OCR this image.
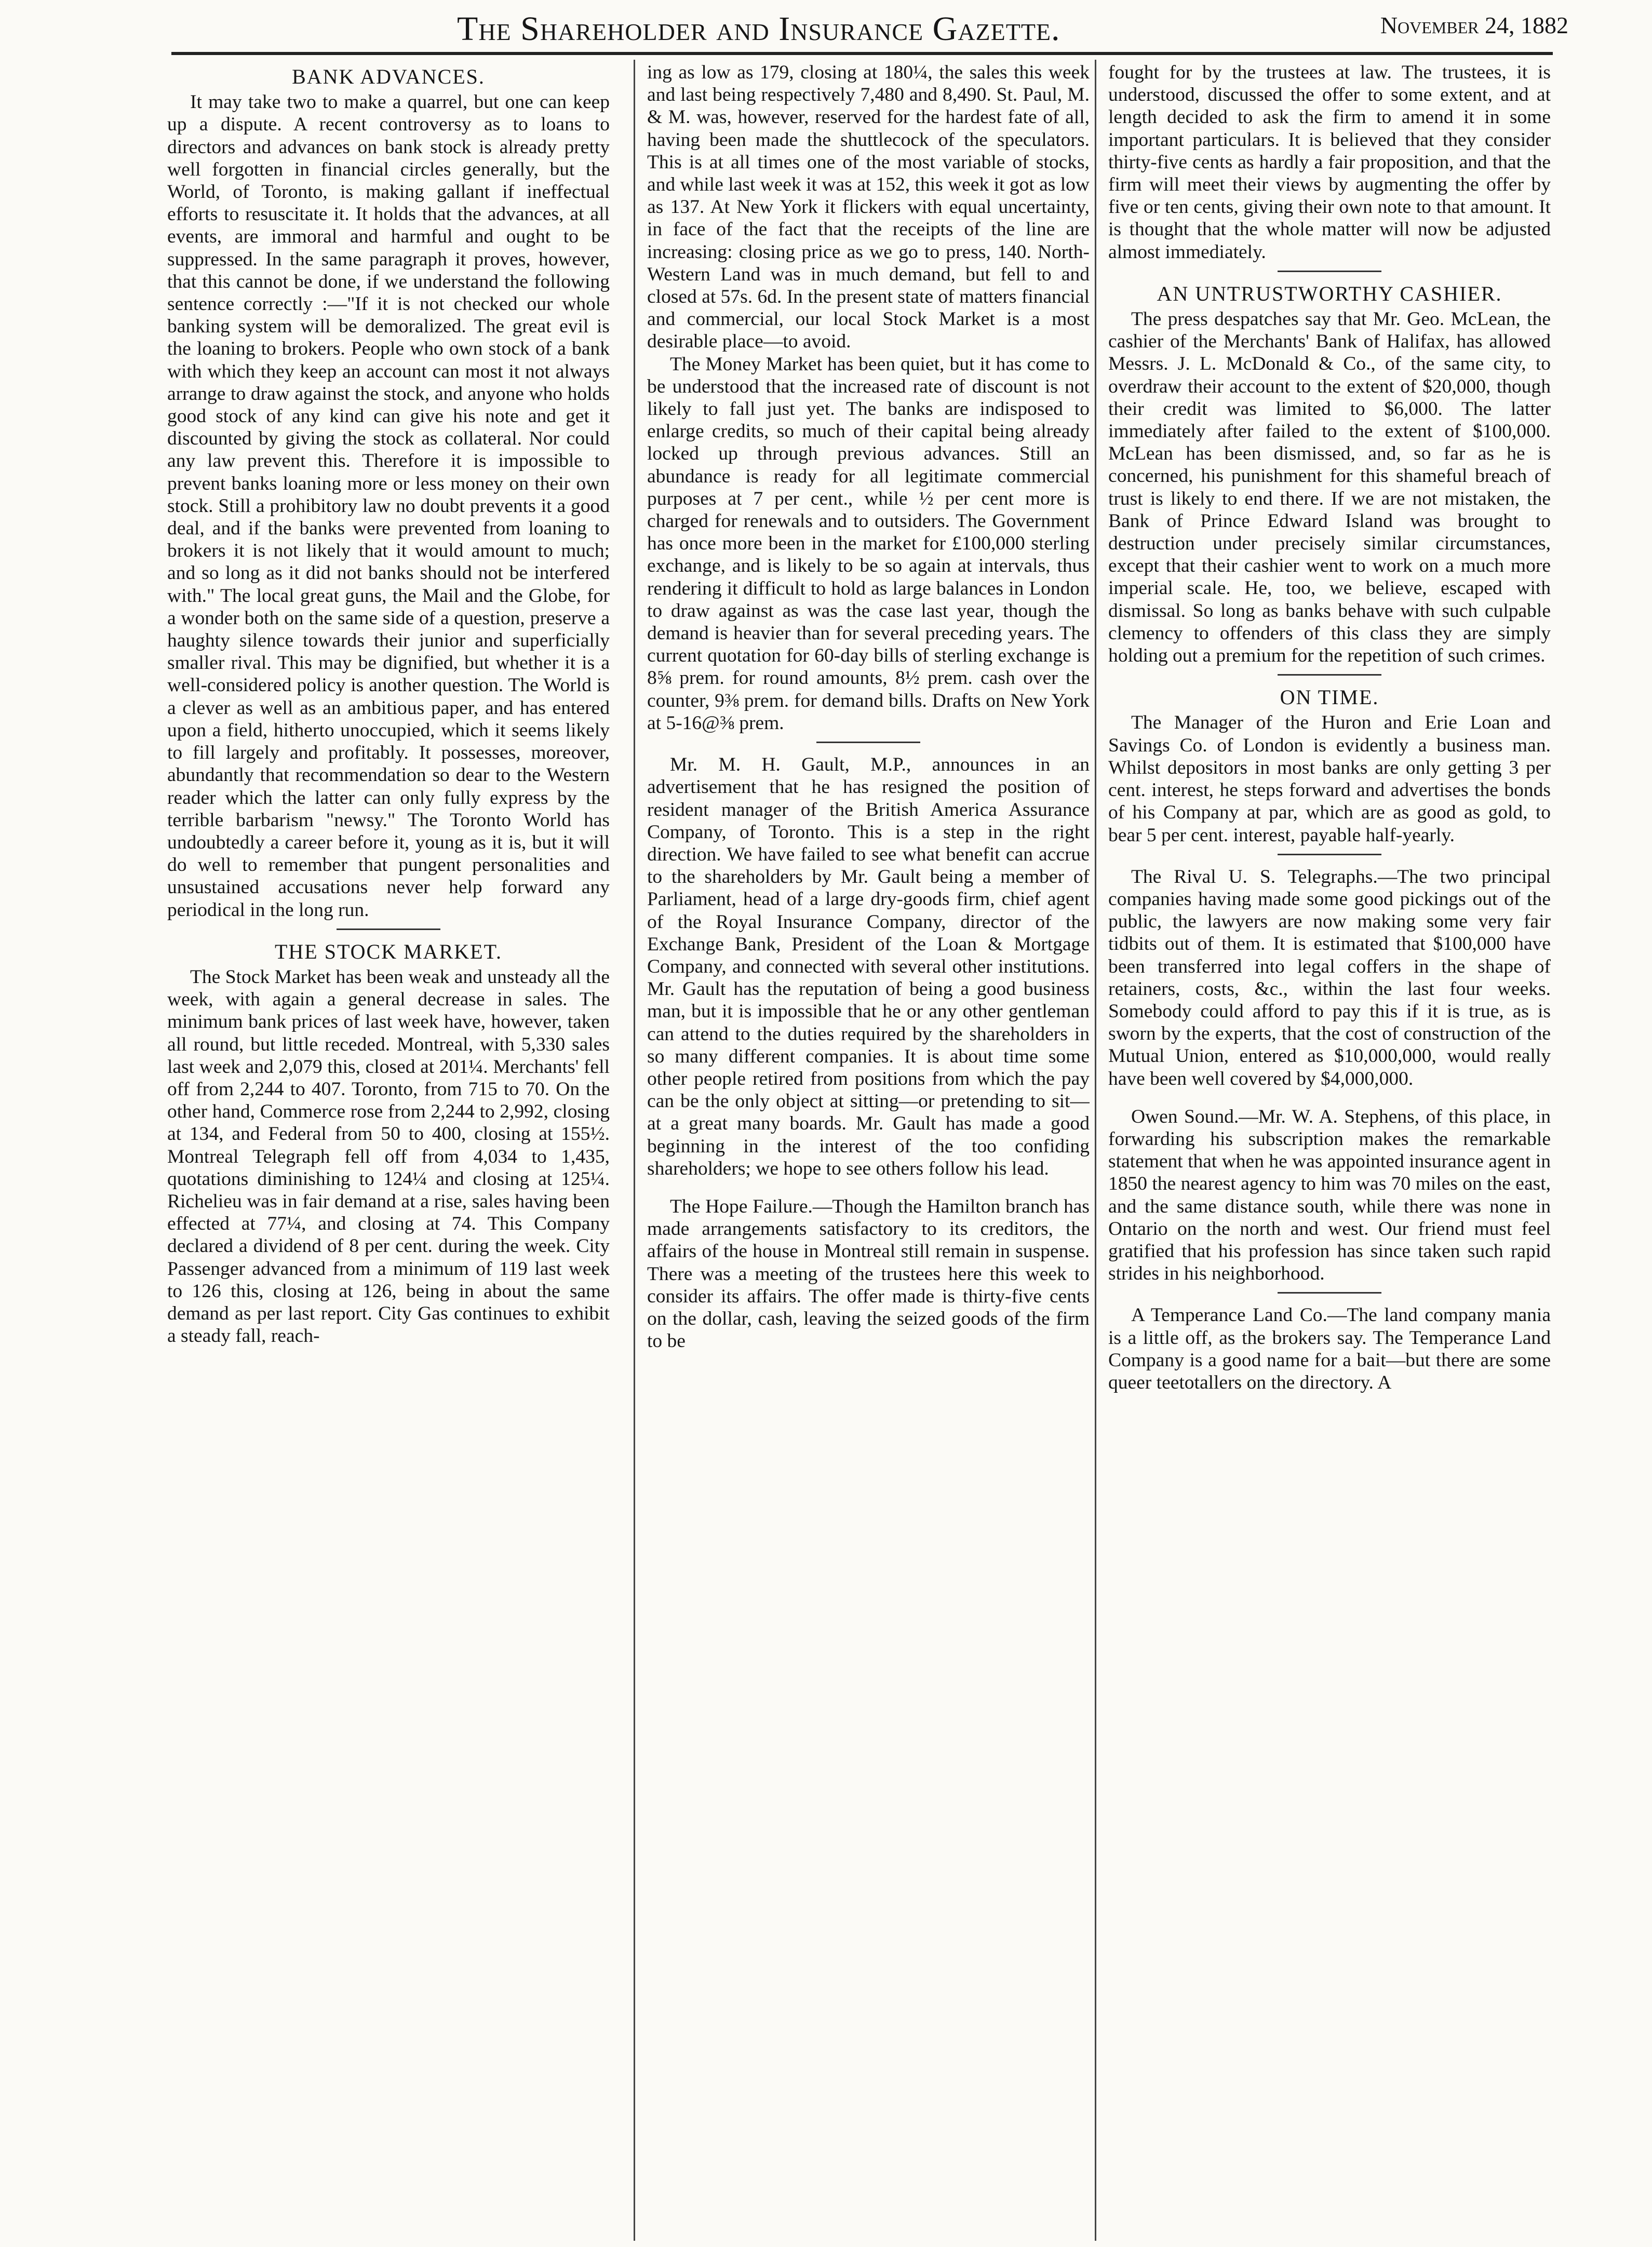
The Shareholder and Insurance Gazette.	November 24, 1882
BANK ADVANCES.

It may take two to make a quarrel, but one can keep up a dispute. A recent controversy as to loans to directors and advances on bank stock is already pretty well forgotten in financial circles generally, but the World, of Toronto, is making gallant if ineffectual efforts to resuscitate it. It holds that the advances, at all events, are immoral and harmful and ought to be suppressed. In the same paragraph it proves, however, that this cannot be done, if we understand the following sentence correctly :—"If it is not checked our whole banking system will be demoralized. The great evil is the loaning to brokers. People who own stock of a bank with which they keep an account can most it not always arrange to draw against the stock, and anyone who holds good stock of any kind can give his note and get it discounted by giving the stock as collateral. Nor could any law prevent this. Therefore it is impossible to prevent banks loaning more or less money on their own stock. Still a prohibitory law no doubt prevents it a good deal, and if the banks were prevented from loaning to brokers it is not likely that it would amount to much; and so long as it did not banks should not be interfered with." The local great guns, the Mail and the Globe, for a wonder both on the same side of a question, preserve a haughty silence towards their junior and superficially smaller rival. This may be dignified, but whether it is a well-considered policy is another question. The World is a clever as well as an ambitious paper, and has entered upon a field, hitherto unoccupied, which it seems likely to fill largely and profitably. It possesses, moreover, abundantly that recommendation so dear to the Western reader which the latter can only fully express by the terrible barbarism "newsy." The Toronto World has undoubtedly a career before it, young as it is, but it will do well to remember that pungent personalities and unsustained accusations never help forward any periodical in the long run.

THE STOCK MARKET.

The Stock Market has been weak and unsteady all the week, with again a general decrease in sales. The minimum bank prices of last week have, however, taken all round, but little receded. Montreal, with 5,330 sales last week and 2,079 this, closed at 201¼. Merchants' fell off from 2,244 to 407. Toronto, from 715 to 70. On the other hand, Commerce rose from 2,244 to 2,992, closing at 134, and Federal from 50 to 400, closing at 155½. Montreal Telegraph fell off from 4,034 to 1,435, quotations diminishing to 124¼ and closing at 125¼. Richelieu was in fair demand at a rise, sales having been effected at 77¼, and closing at 74. This Company declared a dividend of 8 per cent. during the week. City Passenger advanced from a minimum of 119 last week to 126 this, closing at 126, being in about the same demand as per last report. City Gas continues to exhibit a steady fall, reach-

ing as low as 179, closing at 180¼, the sales this week and last being respectively 7,480 and 8,490. St. Paul, M. & M. was, however, reserved for the hardest fate of all, having been made the shuttlecock of the speculators. This is at all times one of the most variable of stocks, and while last week it was at 152, this week it got as low as 137. At New York it flickers with equal uncertainty, in face of the fact that the receipts of the line are increasing: closing price as we go to press, 140. North-Western Land was in much demand, but fell to and closed at 57s. 6d. In the present state of matters financial and commercial, our local Stock Market is a most desirable place—to avoid.

The Money Market has been quiet, but it has come to be understood that the increased rate of discount is not likely to fall just yet. The banks are indisposed to enlarge credits, so much of their capital being already locked up through previous advances. Still an abundance is ready for all legitimate commercial purposes at 7 per cent., while ½ per cent more is charged for renewals and to outsiders. The Government has once more been in the market for £100,000 sterling exchange, and is likely to be so again at intervals, thus rendering it difficult to hold as large balances in London to draw against as was the case last year, though the demand is heavier than for several preceding years. The current quotation for 60-day bills of sterling exchange is 8⅝ prem. for round amounts, 8½ prem. cash over the counter, 9⅜ prem. for demand bills. Drafts on New York at 5-16@⅜ prem.

Mr. M. H. Gault, M.P., announces in an advertisement that he has resigned the position of resident manager of the British America Assurance Company, of Toronto. This is a step in the right direction. We have failed to see what benefit can accrue to the shareholders by Mr. Gault being a member of Parliament, head of a large dry-goods firm, chief agent of the Royal Insurance Company, director of the Exchange Bank, President of the Loan & Mortgage Company, and connected with several other institutions. Mr. Gault has the reputation of being a good business man, but it is impossible that he or any other gentleman can attend to the duties required by the shareholders in so many different companies. It is about time some other people retired from positions from which the pay can be the only object at sitting—or pretending to sit—at a great many boards. Mr. Gault has made a good beginning in the interest of the too confiding shareholders; we hope to see others follow his lead.

The Hope Failure.—Though the Hamilton branch has made arrangements satisfactory to its creditors, the affairs of the house in Montreal still remain in suspense. There was a meeting of the trustees here this week to consider its affairs. The offer made is thirty-five cents on the dollar, cash, leaving the seized goods of the firm to be

fought for by the trustees at law. The trustees, it is understood, discussed the offer to some extent, and at length decided to ask the firm to amend it in some important particulars. It is believed that they consider thirty-five cents as hardly a fair proposition, and that the firm will meet their views by augmenting the offer by five or ten cents, giving their own note to that amount. It is thought that the whole matter will now be adjusted almost immediately.

AN UNTRUSTWORTHY CASHIER.

The press despatches say that Mr. Geo. McLean, the cashier of the Merchants' Bank of Halifax, has allowed Messrs. J. L. McDonald & Co., of the same city, to overdraw their account to the extent of $20,000, though their credit was limited to $6,000. The latter immediately after failed to the extent of $100,000. McLean has been dismissed, and, so far as he is concerned, his punishment for this shameful breach of trust is likely to end there. If we are not mistaken, the Bank of Prince Edward Island was brought to destruction under precisely similar circumstances, except that their cashier went to work on a much more imperial scale. He, too, we believe, escaped with dismissal. So long as banks behave with such culpable clemency to offenders of this class they are simply holding out a premium for the repetition of such crimes.

ON TIME.

The Manager of the Huron and Erie Loan and Savings Co. of London is evidently a business man. Whilst depositors in most banks are only getting 3 per cent. interest, he steps forward and advertises the bonds of his Company at par, which are as good as gold, to bear 5 per cent. interest, payable half-yearly.

The Rival U. S. Telegraphs.—The two principal companies having made some good pickings out of the public, the lawyers are now making some very fair tidbits out of them. It is estimated that $100,000 have been transferred into legal coffers in the shape of retainers, costs, &c., within the last four weeks. Somebody could afford to pay this if it is true, as is sworn by the experts, that the cost of construction of the Mutual Union, entered as $10,000,000, would really have been well covered by $4,000,000.

Owen Sound.—Mr. W. A. Stephens, of this place, in forwarding his subscription makes the remarkable statement that when he was appointed insurance agent in 1850 the nearest agency to him was 70 miles on the east, and the same distance south, while there was none in Ontario on the north and west. Our friend must feel gratified that his profession has since taken such rapid strides in his neighborhood.

A Temperance Land Co.—The land company mania is a little off, as the brokers say. The Temperance Land Company is a good name for a bait—but there are some queer teetotallers on the directory. A
